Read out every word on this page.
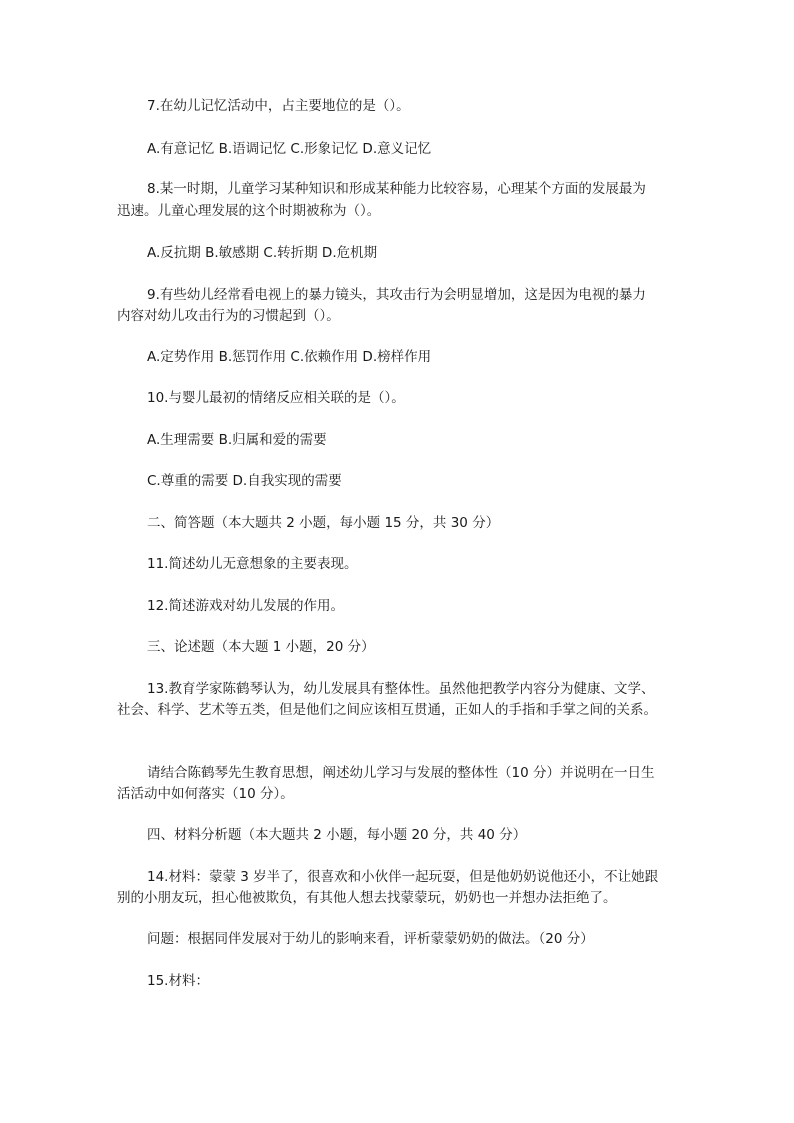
7.在幼儿记忆活动中，占主要地位的是（）。
A.有意记忆 B.语调记忆 C.形象记忆 D.意义记忆
8.某一时期，儿童学习某种知识和形成某种能力比较容易，心理某个方面的发展最为
迅速。儿童心理发展的这个时期被称为（）。
A.反抗期 B.敏感期 C.转折期 D.危机期
9.有些幼儿经常看电视上的暴力镜头，其攻击行为会明显增加，这是因为电视的暴力
内容对幼儿攻击行为的习惯起到（）。
A.定势作用 B.惩罚作用 C.依赖作用 D.榜样作用
10.与婴儿最初的情绪反应相关联的是（）。
A.生理需要 B.归属和爱的需要
C.尊重的需要 D.自我实现的需要
二、简答题（本大题共 2 小题，每小题 15 分，共 30 分）
11.简述幼儿无意想象的主要表现。
12.简述游戏对幼儿发展的作用。
三、论述题（本大题 1 小题，20 分）
13.教育学家陈鹤琴认为，幼儿发展具有整体性。虽然他把教学内容分为健康、文学、
社会、科学、艺术等五类，但是他们之间应该相互贯通，正如人的手指和手掌之间的关系。
请结合陈鹤琴先生教育思想，阐述幼儿学习与发展的整体性（10 分）并说明在一日生
活活动中如何落实（10 分）。
四、材料分析题（本大题共 2 小题，每小题 20 分，共 40 分）
14.材料：蒙蒙 3 岁半了，很喜欢和小伙伴一起玩耍，但是他奶奶说他还小，不让她跟
别的小朋友玩，担心他被欺负，有其他人想去找蒙蒙玩，奶奶也一并想办法拒绝了。
问题：根据同伴发展对于幼儿的影响来看，评析蒙蒙奶奶的做法。（20 分）
15.材料：
